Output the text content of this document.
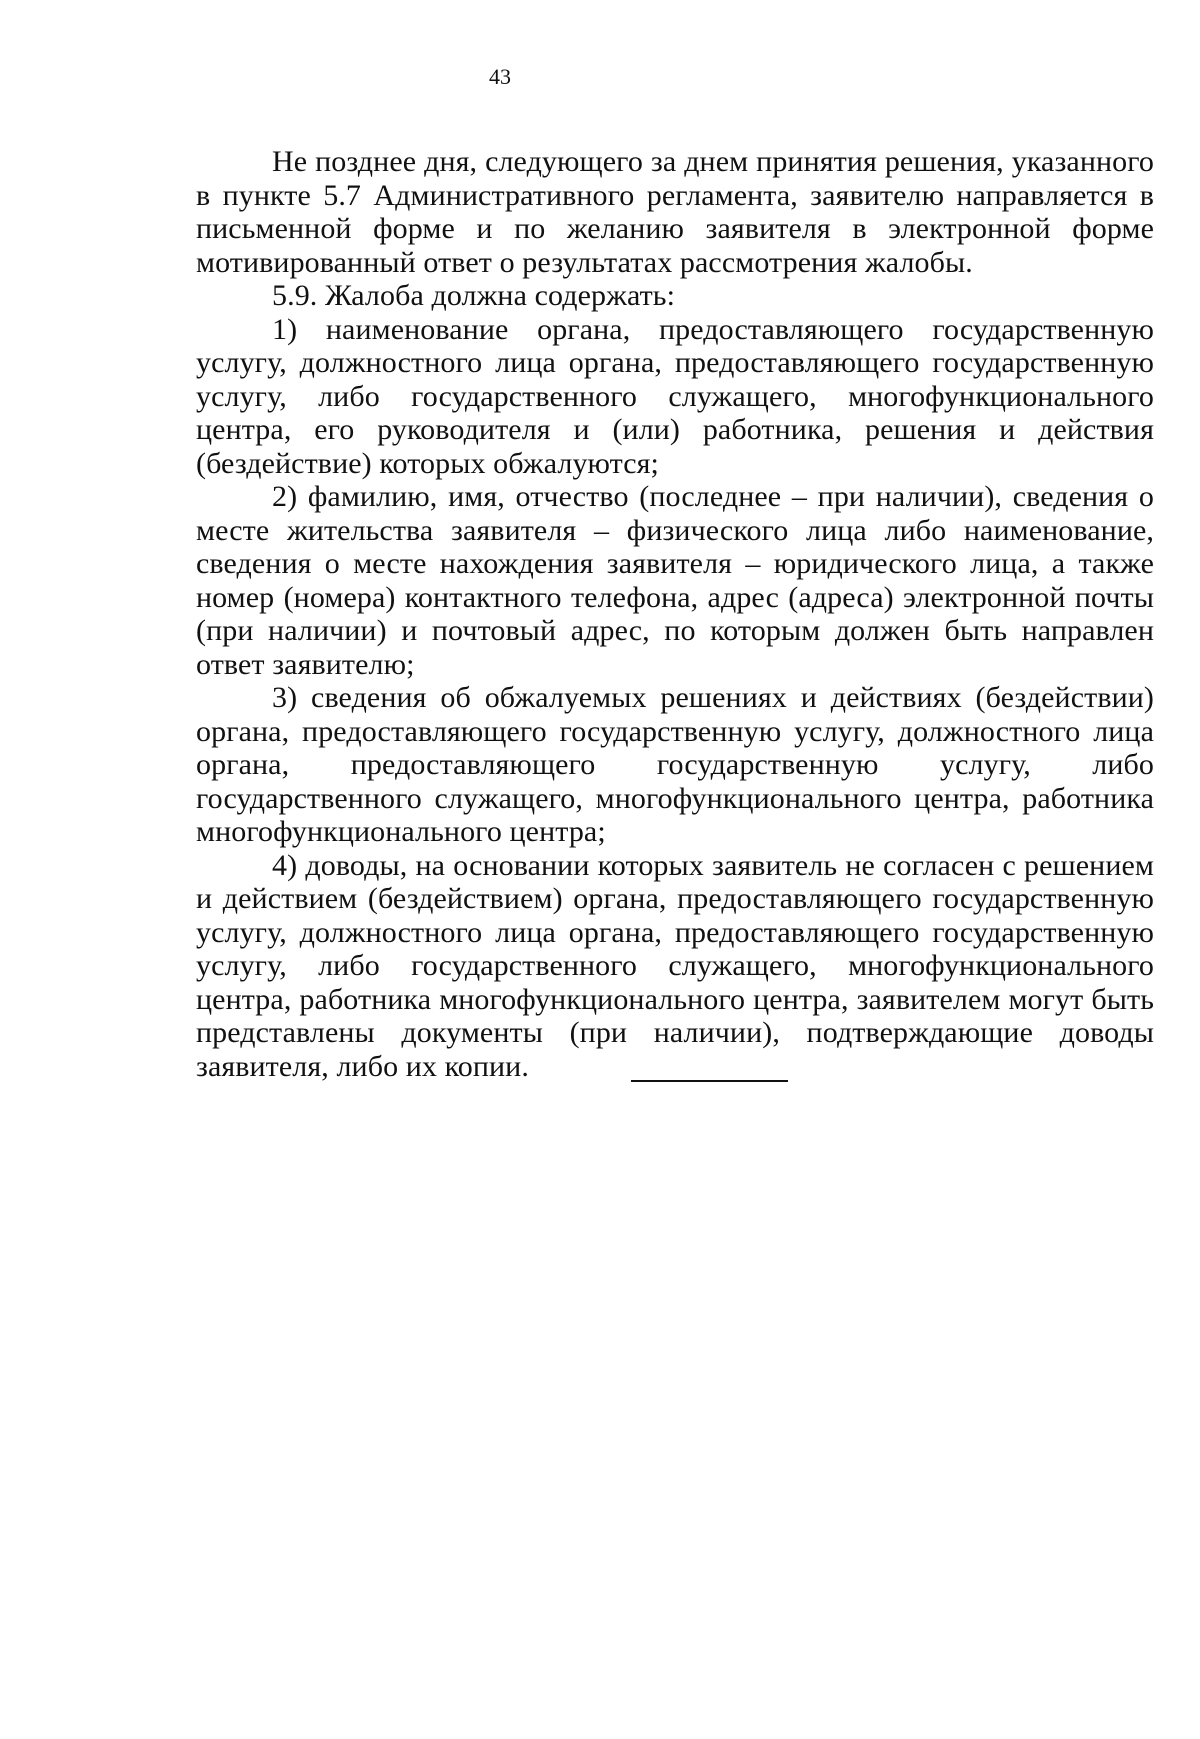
43

Не позднее дня, следующего за днем принятия решения, указанного в пункте 5.7 Административного регламента, заявителю направляется в письменной форме и по желанию заявителя в электронной форме мотивированный ответ о результатах рассмотрения жалобы.

5.9. Жалоба должна содержать:

1) наименование органа, предоставляющего государственную услугу, должностного лица органа, предоставляющего государственную услугу, либо государственного служащего, многофункционального центра, его руководителя и (или) работника, решения и действия (бездействие) которых обжалуются;

2) фамилию, имя, отчество (последнее – при наличии), сведения о месте жительства заявителя – физического лица либо наименование, сведения о месте нахождения заявителя – юридического лица, а также номер (номера) контактного телефона, адрес (адреса) электронной почты (при наличии) и почтовый адрес, по которым должен быть направлен ответ заявителю;

3) сведения об обжалуемых решениях и действиях (бездействии) органа, предоставляющего государственную услугу, должностного лица органа, предоставляющего государственную услугу, либо государственного служащего, многофункционального центра, работника многофункционального центра;

4) доводы, на основании которых заявитель не согласен с решением и действием (бездействием) органа, предоставляющего государственную услугу, должностного лица органа, предоставляющего государственную услугу, либо государственного служащего, многофункционального центра, работника многофункционального центра, заявителем могут быть представлены документы (при наличии), подтверждающие доводы заявителя, либо их копии.
